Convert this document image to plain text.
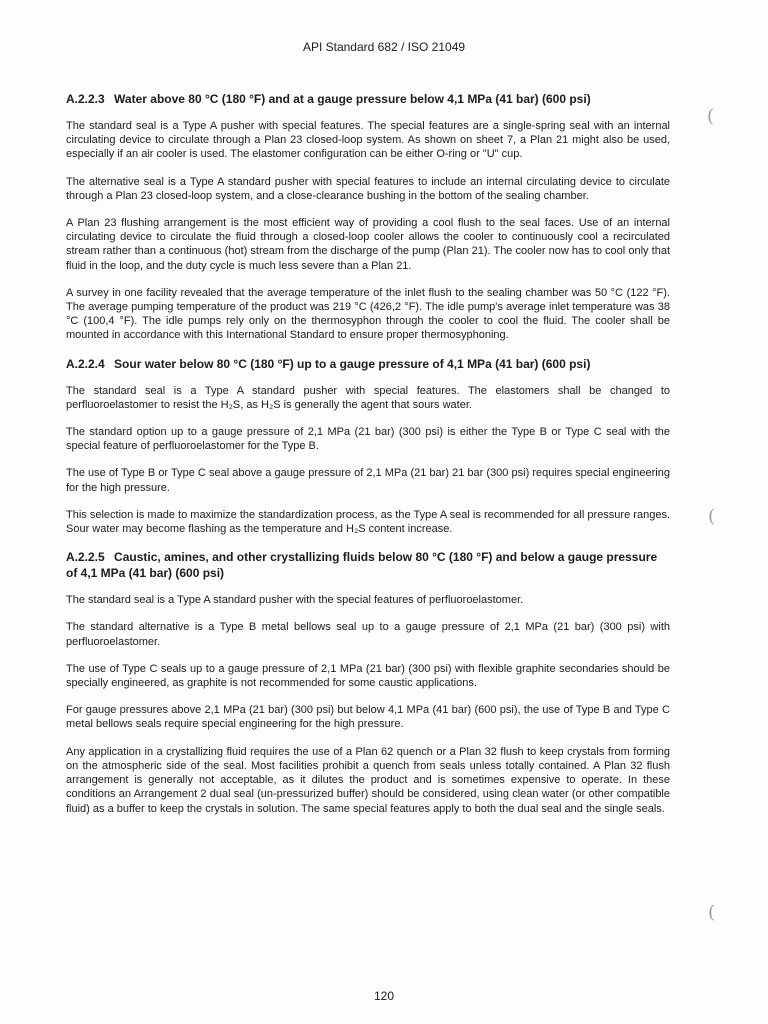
API Standard 682 / ISO 21049
A.2.2.3 Water above 80 °C (180 °F) and at a gauge pressure below 4,1 MPa (41 bar) (600 psi)

The standard seal is a Type A pusher with special features. The special features are a single-spring seal with an internal circulating device to circulate through a Plan 23 closed-loop system. As shown on sheet 7, a Plan 21 might also be used, especially if an air cooler is used. The elastomer configuration can be either O-ring or "U" cup.

The alternative seal is a Type A standard pusher with special features to include an internal circulating device to circulate through a Plan 23 closed-loop system, and a close-clearance bushing in the bottom of the sealing chamber.

A Plan 23 flushing arrangement is the most efficient way of providing a cool flush to the seal faces. Use of an internal circulating device to circulate the fluid through a closed-loop cooler allows the cooler to continuously cool a recirculated stream rather than a continuous (hot) stream from the discharge of the pump (Plan 21). The cooler now has to cool only that fluid in the loop, and the duty cycle is much less severe than a Plan 21.

A survey in one facility revealed that the average temperature of the inlet flush to the sealing chamber was 50 °C (122 °F). The average pumping temperature of the product was 219 °C (426,2 °F). The idle pump's average inlet temperature was 38 °C (100,4 °F). The idle pumps rely only on the thermosyphon through the cooler to cool the fluid. The cooler shall be mounted in accordance with this International Standard to ensure proper thermosyphoning.

A.2.2.4 Sour water below 80 °C (180 °F) up to a gauge pressure of 4,1 MPa (41 bar) (600 psi)

The standard seal is a Type A standard pusher with special features. The elastomers shall be changed to perfluoroelastomer to resist the H₂S, as H₂S is generally the agent that sours water.

The standard option up to a gauge pressure of 2,1 MPa (21 bar) (300 psi) is either the Type B or Type C seal with the special feature of perfluoroelastomer for the Type B.

The use of Type B or Type C seal above a gauge pressure of 2,1 MPa (21 bar) 21 bar (300 psi) requires special engineering for the high pressure.

This selection is made to maximize the standardization process, as the Type A seal is recommended for all pressure ranges. Sour water may become flashing as the temperature and H₂S content increase.

A.2.2.5 Caustic, amines, and other crystallizing fluids below 80 °C (180 °F) and below a gauge pressure of 4,1 MPa (41 bar) (600 psi)

The standard seal is a Type A standard pusher with the special features of perfluoroelastomer.

The standard alternative is a Type B metal bellows seal up to a gauge pressure of 2,1 MPa (21 bar) (300 psi) with perfluoroelastomer.

The use of Type C seals up to a gauge pressure of 2,1 MPa (21 bar) (300 psi) with flexible graphite secondaries should be specially engineered, as graphite is not recommended for some caustic applications.

For gauge pressures above 2,1 MPa (21 bar) (300 psi) but below 4,1 MPa (41 bar) (600 psi), the use of Type B and Type C metal bellows seals require special engineering for the high pressure.

Any application in a crystallizing fluid requires the use of a Plan 62 quench or a Plan 32 flush to keep crystals from forming on the atmospheric side of the seal. Most facilities prohibit a quench from seals unless totally contained. A Plan 32 flush arrangement is generally not acceptable, as it dilutes the product and is sometimes expensive to operate. In these conditions an Arrangement 2 dual seal (un-pressurized buffer) should be considered, using clean water (or other compatible fluid) as a buffer to keep the crystals in solution. The same special features apply to both the dual seal and the single seals.

(
(
(
120
